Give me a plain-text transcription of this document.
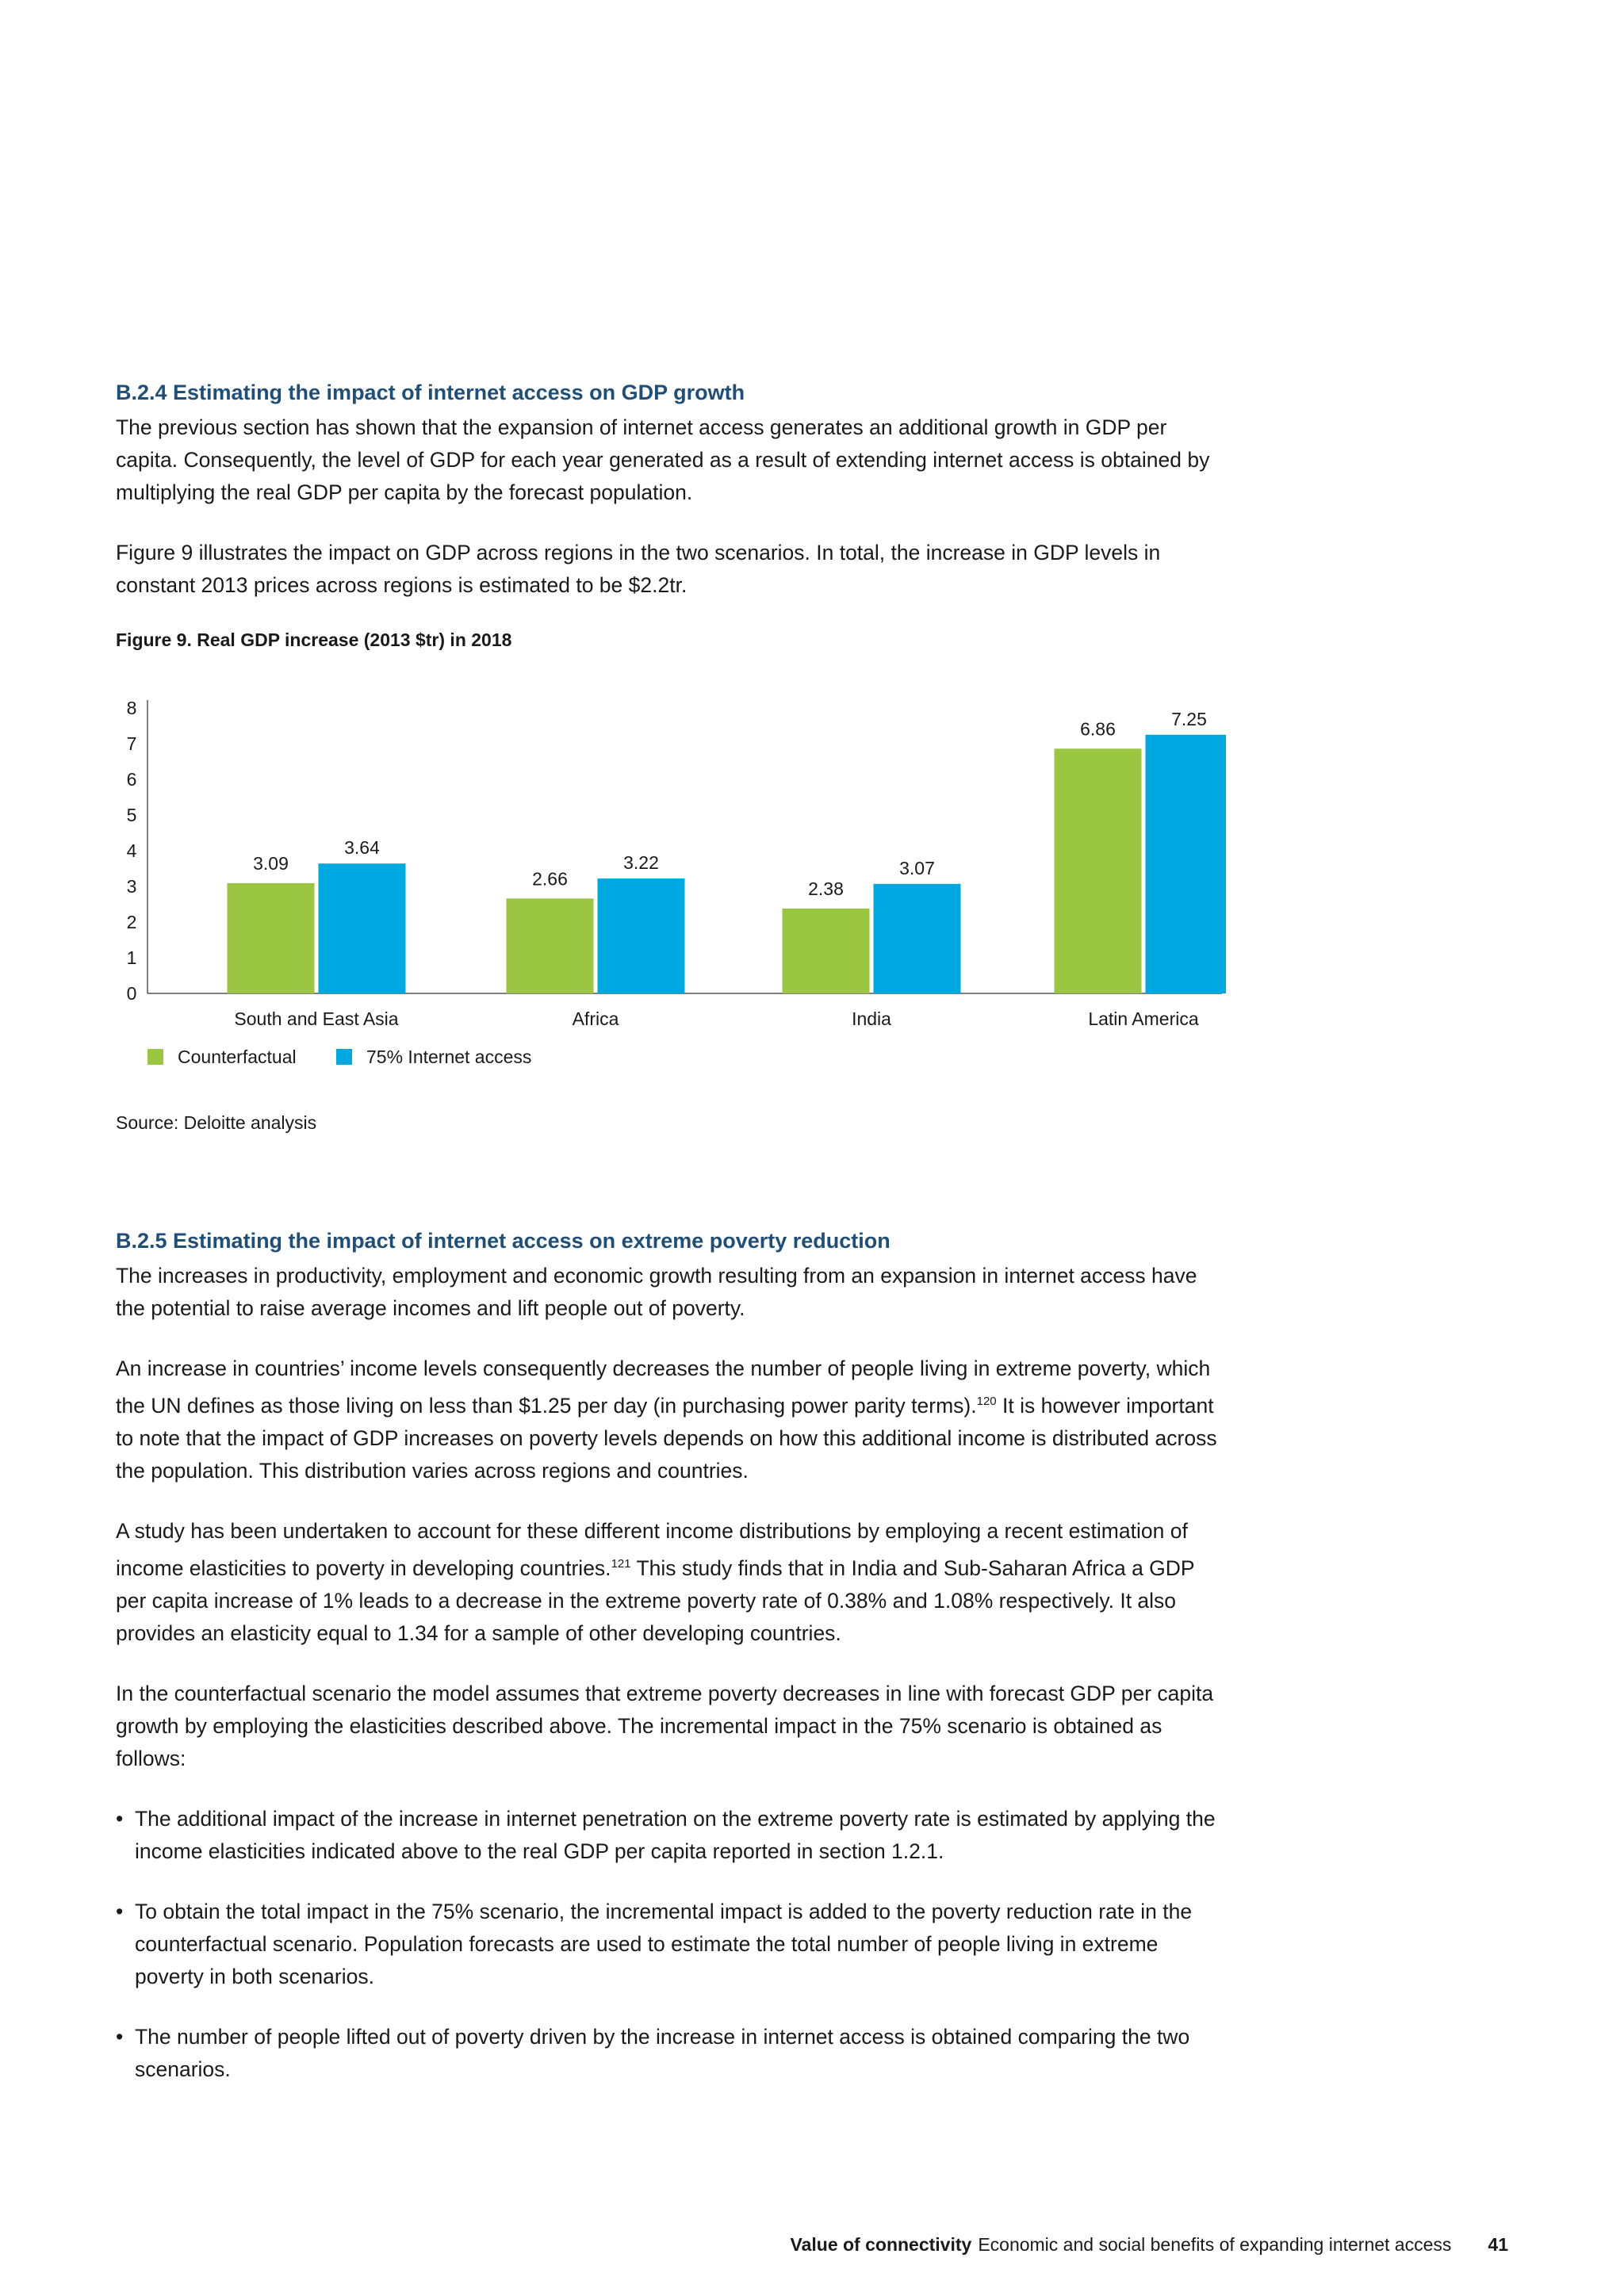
B.2.4 Estimating the impact of internet access on GDP growth

The previous section has shown that the expansion of internet access generates an additional growth in GDP per capita. Consequently, the level of GDP for each year generated as a result of extending internet access is obtained by multiplying the real GDP per capita by the forecast population.

Figure 9 illustrates the impact on GDP across regions in the two scenarios. In total, the increase in GDP levels in constant 2013 prices across regions is estimated to be $2.2tr.

Figure 9. Real GDP increase (2013 $tr) in 2018

0
1
2
3
4
5
6
7
8
3.09
3.64
South and East Asia
2.66
3.22
Africa
2.38
3.07
India
6.86	7.25
Latin America
Counterfactual	75% Internet access

Source: Deloitte analysis

B.2.5 Estimating the impact of internet access on extreme poverty reduction

The increases in productivity, employment and economic growth resulting from an expansion in internet access have the potential to raise average incomes and lift people out of poverty.

An increase in countries’ income levels consequently decreases the number of people living in extreme poverty, which the UN defines as those living on less than $1.25 per day (in purchasing power parity terms).$^{120}$ It is however important to note that the impact of GDP increases on poverty levels depends on how this additional income is distributed across the population. This distribution varies across regions and countries.

A study has been undertaken to account for these different income distributions by employing a recent estimation of income elasticities to poverty in developing countries.$^{121}$ This study finds that in India and Sub-Saharan Africa a GDP per capita increase of 1% leads to a decrease in the extreme poverty rate of 0.38% and 1.08% respectively. It also provides an elasticity equal to 1.34 for a sample of other developing countries.

In the counterfactual scenario the model assumes that extreme poverty decreases in line with forecast GDP per capita growth by employing the elasticities described above. The incremental impact in the 75% scenario is obtained as follows:

• The additional impact of the increase in internet penetration on the extreme poverty rate is estimated by applying the income elasticities indicated above to the real GDP per capita reported in section 1.2.1.
• To obtain the total impact in the 75% scenario, the incremental impact is added to the poverty reduction rate in the counterfactual scenario. Population forecasts are used to estimate the total number of people living in extreme poverty in both scenarios.
• The number of people lifted out of poverty driven by the increase in internet access is obtained comparing the two scenarios.
Value of connectivity Economic and social benefits of expanding internet access 41
